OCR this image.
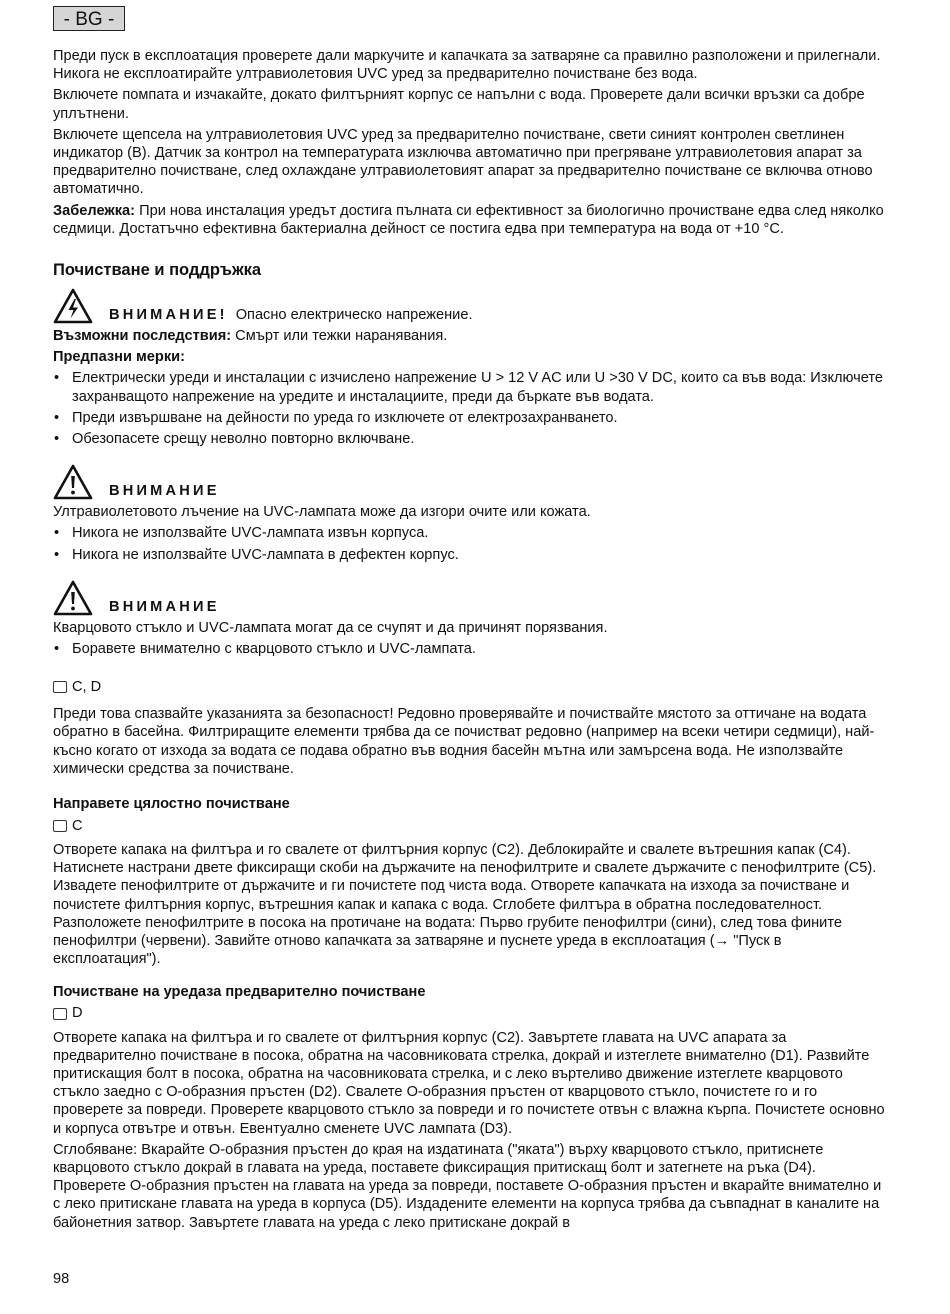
- BG -

Преди пуск в експлоатация проверете дали маркучите и капачката за затваряне са правилно разположени и прилегнали. Никога не експлоатирайте ултравиолетовия UVC уред за предварително почистване без вода.

Включете помпата и изчакайте, докато филтърният корпус се напълни с вода. Проверете дали всички връзки са добре уплътнени.

Включете щепсела на ултравиолетовия UVC уред за предварително почистване, свети синият контролен светлинен индикатор (B). Датчик за контрол на температурата изключва автоматично при прегряване ултравиолетовия апарат за предварително почистване, след охлаждане ултравиолетовият апарат за предварително почистване се включва отново автоматично.

Забележка: При нова инсталация уредът достига пълната си ефективност за биологично прочистване едва след няколко седмици. Достатъчно ефективна бактериална дейност се постига едва при температура на вода от +10 °C.

Почистване и поддръжка
ВНИМАНИЕ! Опасно електрическо напрежение.

Възможни последствия: Смърт или тежки наранявания.

Предпазни мерки:

• Електрически уреди и инсталации с изчислено напрежение U > 12 V AC или U >30 V DC, които са във вода: Изключете захранващото напрежение на уредите и инсталациите, преди да бъркате във водата.
• Преди извършване на дейности по уреда го изключете от електрозахранването.
• Обезопасете срещу неволно повторно включване.
ВНИМАНИЕ

Ултравиолетовото лъчение на UVC-лампата може да изгори очите или кожата.

• Никога не използвайте UVC-лампата извън корпуса.
• Никога не използвайте UVC-лампата в дефектен корпус.
ВНИМАНИЕ

Кварцовото стъкло и UVC-лампата могат да се счупят и да причинят порязвания.

• Боравете внимателно с кварцовото стъкло и UVC-лампата.
C, D

Преди това спазвайте указанията за безопасност! Редовно проверявайте и почиствайте мястото за оттичане на водата обратно в басейна. Филтриращите елементи трябва да се почистват редовно (например на всеки четири седмици), най-късно когато от изхода за водата се подава обратно във водния басейн мътна или замърсена вода. Не използвайте химически средства за почистване.

Направете цялостно почистване
C

Отворете капака на филтъра и го свалете от филтърния корпус (C2). Деблокирайте и свалете вътрешния капак (C4). Натиснете настрани двете фиксиращи скоби на държачите на пенофилтрите и свалете държачите с пенофилтрите (C5). Извадете пенофилтрите от държачите и ги почистете под чиста вода. Отворете капачката на изхода за почистване и почистете филтърния корпус, вътрешния капак и капака с вода. Сглобете филтъра в обратна последователност. Разположете пенофилтрите в посока на протичане на водата: Първо грубите пенофилтри (сини), след това фините пенофилтри (червени). Завийте отново капачката за затваряне и пуснете уреда в експлоатация (→ "Пуск в експлоатация").

Почистване на уредаза предварително почистване
D

Отворете капака на филтъра и го свалете от филтърния корпус (C2). Завъртете главата на UVC апарата за предварително почистване в посока, обратна на часовниковата стрелка, докрай и изтеглете внимателно (D1). Развийте притискащия болт в посока, обратна на часовниковата стрелка, и с леко въртеливо движение изтеглете кварцовото стъкло заедно с O-образния пръстен (D2). Свалете O-образния пръстен от кварцовото стъкло, почистете го и го проверете за повреди. Проверете кварцовото стъкло за повреди и го почистете отвън с влажна кърпа. Почистете основно и корпуса отвътре и отвън. Евентуално сменете UVC лампата (D3).

Сглобяване: Вкарайте O-образния пръстен до края на издатината ("яката") върху кварцовото стъкло, притиснете кварцовото стъкло докрай в главата на уреда, поставете фиксиращия притискащ болт и затегнете на ръка (D4). Проверете O-образния пръстен на главата на уреда за повреди, поставете O-образния пръстен и вкарайте внимателно и с леко притискане главата на уреда в корпуса (D5). Издадените елементи на корпуса трябва да съвпаднат в каналите на байонетния затвор. Завъртете главата на уреда с леко притискане докрай в

98
